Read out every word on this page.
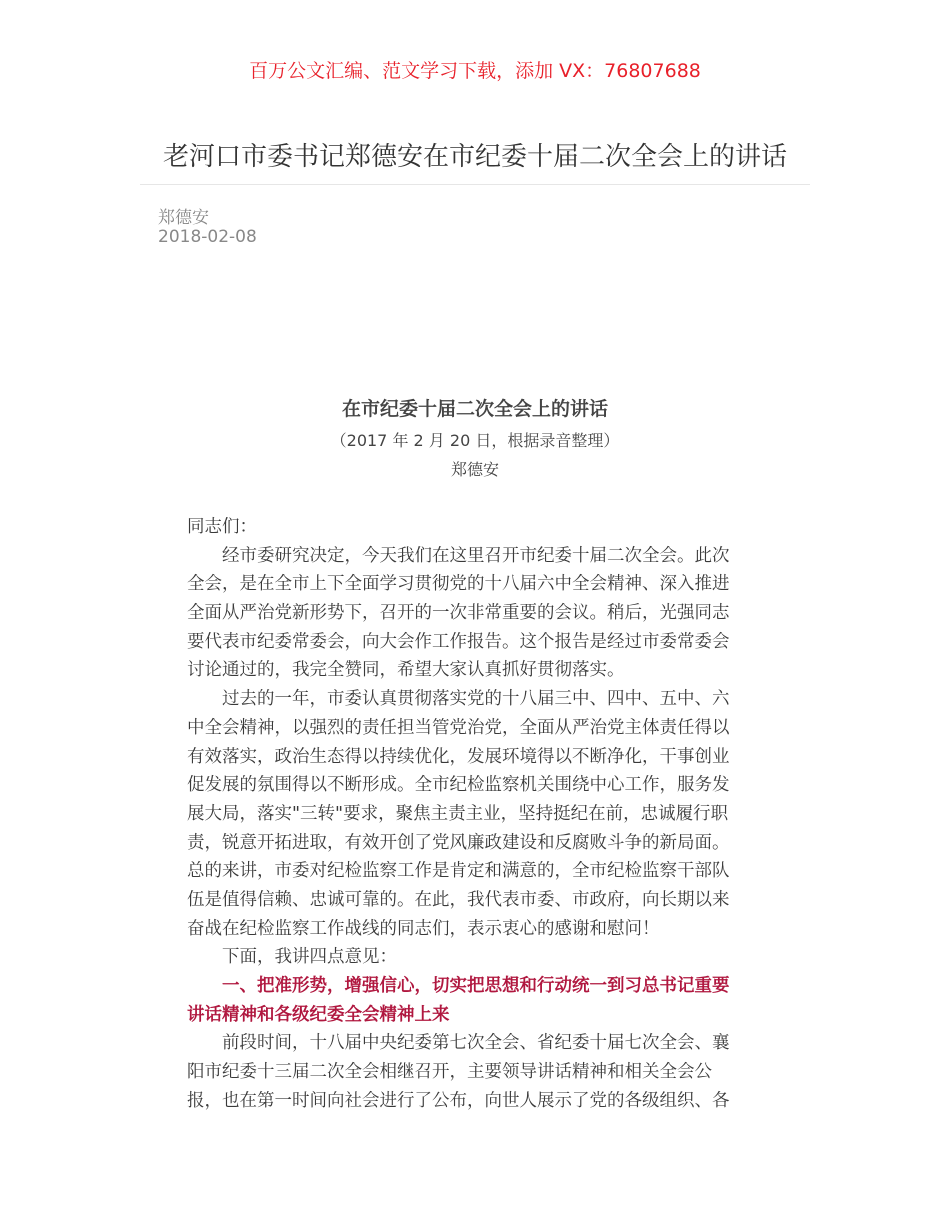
百万公文汇编、范文学习下载，添加 VX：76807688
老河口市委书记郑德安在市纪委十届二次全会上的讲话
郑德安
2018-02-08
在市纪委十届二次全会上的讲话
（2017 年 2 月 20 日，根据录音整理）
郑德安
同志们：
经市委研究决定，今天我们在这里召开市纪委十届二次全会。此次
全会，是在全市上下全面学习贯彻党的十八届六中全会精神、深入推进
全面从严治党新形势下，召开的一次非常重要的会议。稍后，光强同志
要代表市纪委常委会，向大会作工作报告。这个报告是经过市委常委会
讨论通过的，我完全赞同，希望大家认真抓好贯彻落实。
过去的一年，市委认真贯彻落实党的十八届三中、四中、五中、六
中全会精神，以强烈的责任担当管党治党，全面从严治党主体责任得以
有效落实，政治生态得以持续优化，发展环境得以不断净化，干事创业
促发展的氛围得以不断形成。全市纪检监察机关围绕中心工作，服务发
展大局，落实"三转"要求，聚焦主责主业，坚持挺纪在前，忠诚履行职
责，锐意开拓进取，有效开创了党风廉政建设和反腐败斗争的新局面。
总的来讲，市委对纪检监察工作是肯定和满意的，全市纪检监察干部队
伍是值得信赖、忠诚可靠的。在此，我代表市委、市政府，向长期以来
奋战在纪检监察工作战线的同志们，表示衷心的感谢和慰问！
下面，我讲四点意见：
一、把准形势，增强信心，切实把思想和行动统一到习总书记重要
讲话精神和各级纪委全会精神上来
前段时间，十八届中央纪委第七次全会、省纪委十届七次全会、襄
阳市纪委十三届二次全会相继召开，主要领导讲话精神和相关全会公
报，也在第一时间向社会进行了公布，向世人展示了党的各级组织、各
